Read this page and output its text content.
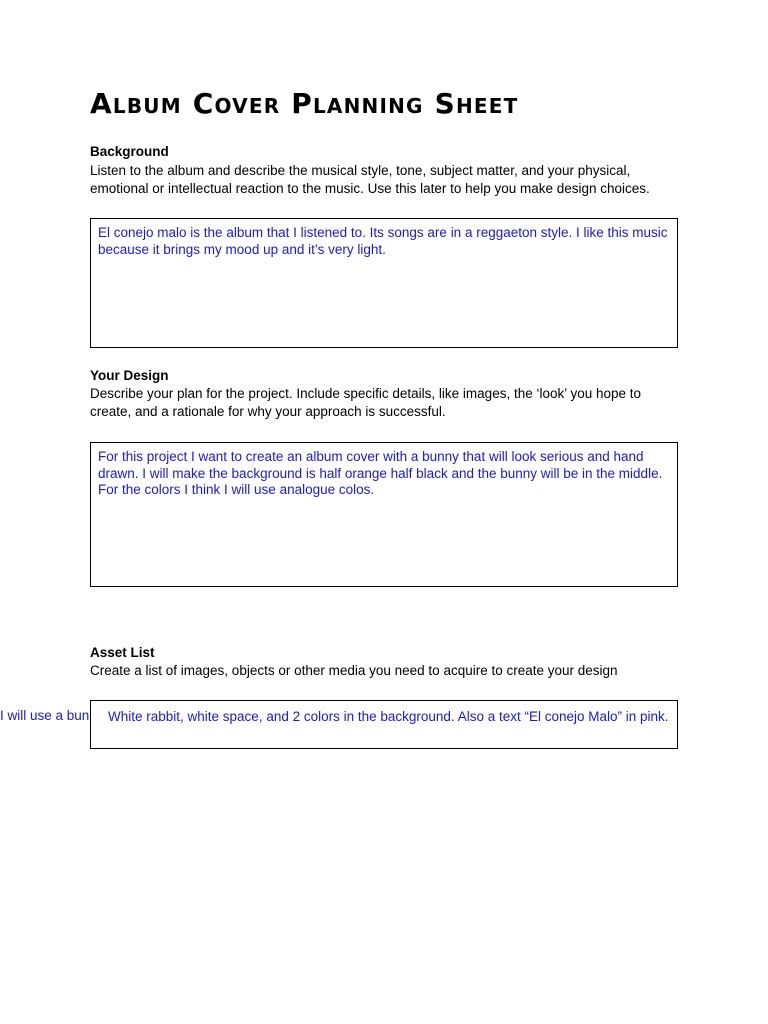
Album Cover Planning Sheet
Background
Listen to the album and describe the musical style, tone, subject matter, and your physical, emotional or intellectual reaction to the music. Use this later to help you make design choices.
El conejo malo is the album that I listened to. Its songs are in a reggaeton style. I like this music because it brings my mood up and it’s very light.
Your Design
Describe your plan for the project. Include specific details, like images, the ‘look’ you hope to create, and a rationale for why your approach is successful.
For this project I want to create an album cover with a bunny that will look serious and hand drawn. I will make the background is half orange half black and the bunny will be in the middle. For the colors I think I will use analogue colos.
Asset List
Create a list of images, objects or other media you need to acquire to create your design
I will use a bun	White rabbit, white space, and 2 colors in the background. Also a text “El conejo Malo” in pink.
